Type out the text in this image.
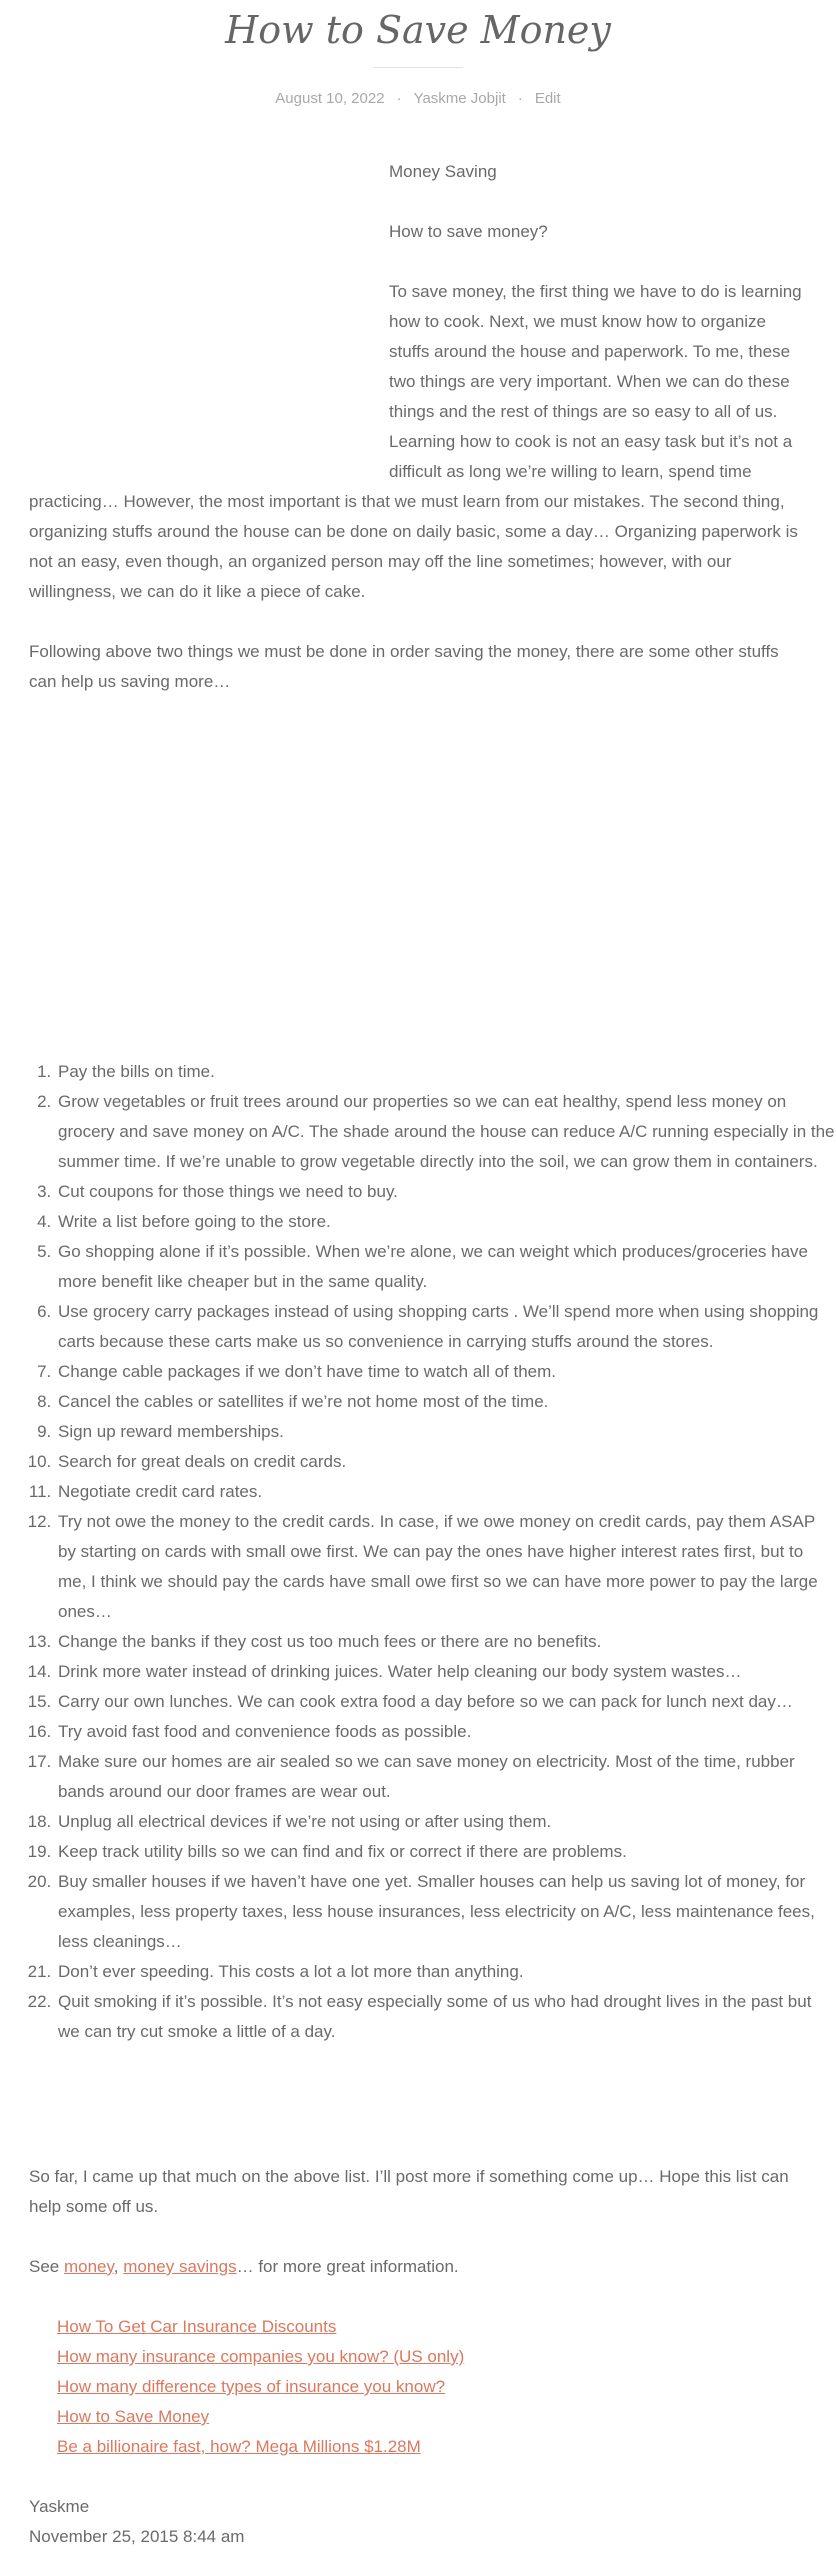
How to Save Money
August 10, 2022 · Yaskme Jobjit · Edit

Money Saving

How to save money?

To save money, the first thing we have to do is learning how to cook. Next, we must know how to organize stuffs around the house and paperwork. To me, these two things are very important. When we can do these things and the rest of things are so easy to all of us. Learning how to cook is not an easy task but it’s not a difficult as long we’re willing to learn, spend time practicing… However, the most important is that we must learn from our mistakes. The second thing, organizing stuffs around the house can be done on daily basic, some a day… Organizing paperwork is not an easy, even though, an organized person may off the line sometimes; however, with our willingness, we can do it like a piece of cake.

Following above two things we must be done in order saving the money, there are some other stuffs can help us saving more…

1. Pay the bills on time.
2. Grow vegetables or fruit trees around our properties so we can eat healthy, spend less money on grocery and save money on A/C. The shade around the house can reduce A/C running especially in the summer time. If we’re unable to grow vegetable directly into the soil, we can grow them in containers.
3. Cut coupons for those things we need to buy.
4. Write a list before going to the store.
5. Go shopping alone if it’s possible. When we’re alone, we can weight which produces/groceries have more benefit like cheaper but in the same quality.
6. Use grocery carry packages instead of using shopping carts . We’ll spend more when using shopping carts because these carts make us so convenience in carrying stuffs around the stores.
7. Change cable packages if we don’t have time to watch all of them.
8. Cancel the cables or satellites if we’re not home most of the time.
9. Sign up reward memberships.
10. Search for great deals on credit cards.
11. Negotiate credit card rates.
12. Try not owe the money to the credit cards. In case, if we owe money on credit cards, pay them ASAP by starting on cards with small owe first. We can pay the ones have higher interest rates first, but to me, I think we should pay the cards have small owe first so we can have more power to pay the large ones…
13. Change the banks if they cost us too much fees or there are no benefits.
14. Drink more water instead of drinking juices. Water help cleaning our body system wastes…
15. Carry our own lunches. We can cook extra food a day before so we can pack for lunch next day…
16. Try avoid fast food and convenience foods as possible.
17. Make sure our homes are air sealed so we can save money on electricity. Most of the time, rubber bands around our door frames are wear out.
18. Unplug all electrical devices if we’re not using or after using them.
19. Keep track utility bills so we can find and fix or correct if there are problems.
20. Buy smaller houses if we haven’t have one yet. Smaller houses can help us saving lot of money, for examples, less property taxes, less house insurances, less electricity on A/C, less maintenance fees, less cleanings…
21. Don’t ever speeding. This costs a lot a lot more than anything.
22. Quit smoking if it’s possible. It’s not easy especially some of us who had drought lives in the past but we can try cut smoke a little of a day.

So far, I came up that much on the above list. I’ll post more if something come up… Hope this list can help some off us.

See money, money savings… for more great information.

How To Get Car Insurance Discounts
How many insurance companies you know? (US only)
How many difference types of insurance you know?
How to Save Money
Be a billionaire fast, how? Mega Millions $1.28M

Yaskme

November 25, 2015 8:44 am
